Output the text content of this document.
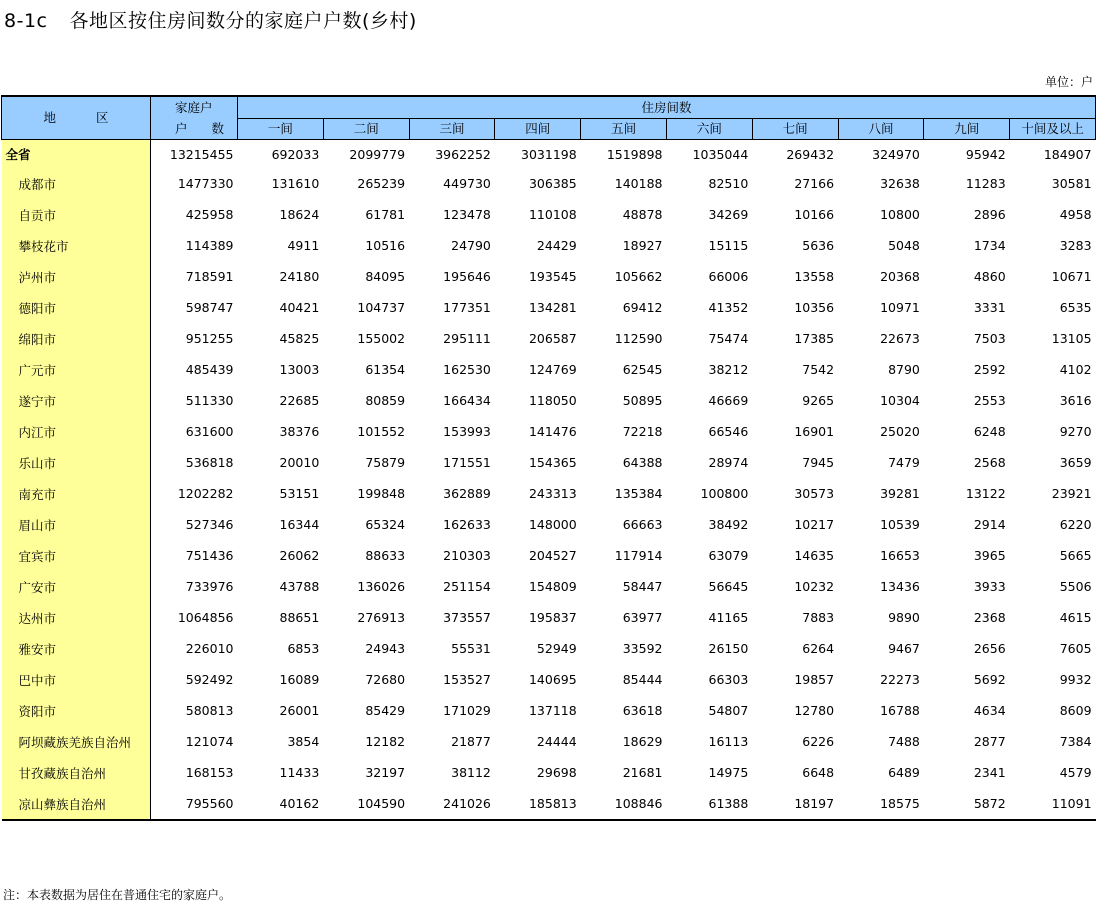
8-1c 各地区按住房间数分的家庭户户数(乡村)
单位：户
地 区	家庭户	住房间数									
	户 数	一间	二间	三间	四间	五间	六间	七间	八间	九间	十间及以上
全省	13215455	692033	2099779	3962252	3031198	1519898	1035044	269432	324970	95942	184907
成都市	1477330	131610	265239	449730	306385	140188	82510	27166	32638	11283	30581
自贡市	425958	18624	61781	123478	110108	48878	34269	10166	10800	2896	4958
攀枝花市	114389	4911	10516	24790	24429	18927	15115	5636	5048	1734	3283
泸州市	718591	24180	84095	195646	193545	105662	66006	13558	20368	4860	10671
德阳市	598747	40421	104737	177351	134281	69412	41352	10356	10971	3331	6535
绵阳市	951255	45825	155002	295111	206587	112590	75474	17385	22673	7503	13105
广元市	485439	13003	61354	162530	124769	62545	38212	7542	8790	2592	4102
遂宁市	511330	22685	80859	166434	118050	50895	46669	9265	10304	2553	3616
内江市	631600	38376	101552	153993	141476	72218	66546	16901	25020	6248	9270
乐山市	536818	20010	75879	171551	154365	64388	28974	7945	7479	2568	3659
南充市	1202282	53151	199848	362889	243313	135384	100800	30573	39281	13122	23921
眉山市	527346	16344	65324	162633	148000	66663	38492	10217	10539	2914	6220
宜宾市	751436	26062	88633	210303	204527	117914	63079	14635	16653	3965	5665
广安市	733976	43788	136026	251154	154809	58447	56645	10232	13436	3933	5506
达州市	1064856	88651	276913	373557	195837	63977	41165	7883	9890	2368	4615
雅安市	226010	6853	24943	55531	52949	33592	26150	6264	9467	2656	7605
巴中市	592492	16089	72680	153527	140695	85444	66303	19857	22273	5692	9932
资阳市	580813	26001	85429	171029	137118	63618	54807	12780	16788	4634	8609
阿坝藏族羌族自治州	121074	3854	12182	21877	24444	18629	16113	6226	7488	2877	7384
甘孜藏族自治州	168153	11433	32197	38112	29698	21681	14975	6648	6489	2341	4579
凉山彝族自治州	795560	40162	104590	241026	185813	108846	61388	18197	18575	5872	11091
注：本表数据为居住在普通住宅的家庭户。
